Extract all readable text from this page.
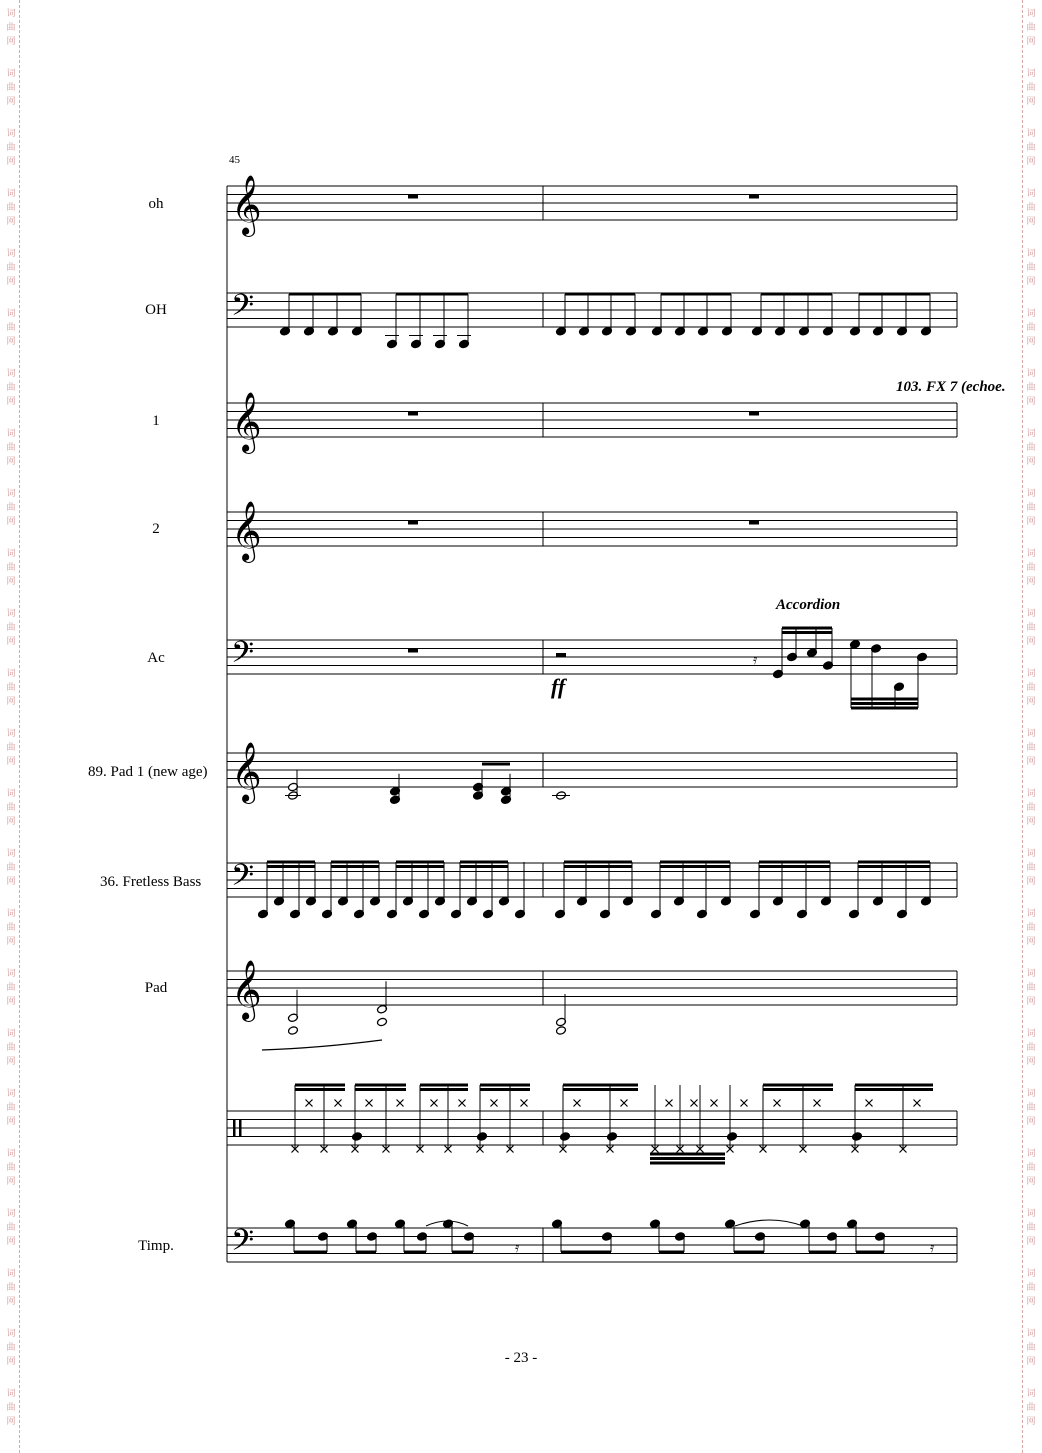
词
曲
网
词
曲
网
词
曲
网
词
曲
网
词
曲
网
词
曲
网
词
曲
网
词
曲
网
词
曲
网
词
曲
网
词
曲
网
词
曲
网
词
曲
网
词
曲
网
词
曲
网
词
曲
网
词
曲
网
词
曲
网
词
曲
网
词
曲
网
词
曲
网
词
曲
网
词
曲
网
词
曲
网
词
曲
网
词
曲
网
词
曲
网
词
曲
网
词
曲
网
词
曲
网
词
曲
网
词
曲
网
词
曲
网
词
曲
网
词
曲
网
词
曲
网
词
曲
网
词
曲
网
词
曲
网
词
曲
网
词
曲
网
词
曲
网
词
曲
网
词
曲
网
词
曲
网
词
曲
网
词
曲
网
词
曲
网
𝄞
𝄢
𝄞
𝄞
𝄢
𝄞
𝄢
𝄞
𝄢
𝄿
𝄿	𝄿
45
oh
OH
1
2
Ac
89. Pad 1 (new age)
36. Fretless Bass
Pad
Timp.
103. FX 7 (echoe.
Accordion
ff
- 23 -
